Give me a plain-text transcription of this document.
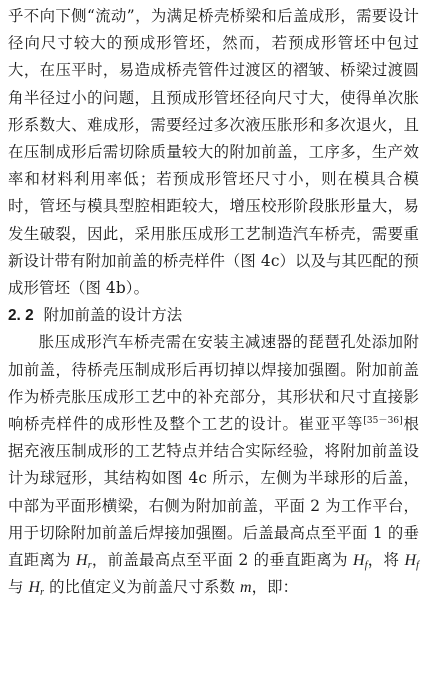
乎不向下侧“流动”，为满足桥壳桥梁和后盖成形，需要设计径向尺寸较大的预成形管坯，然而，若预成形管坯中包过大，在压平时，易造成桥壳管件过渡区的褶皱、桥梁过渡圆角半径过小的问题，且预成形管坯径向尺寸大，使得单次胀形系数大、难成形，需要经过多次液压胀形和多次退火，且在压制成形后需切除质量较大的附加前盖，工序多，生产效率和材料利用率低；若预成形管坯尺寸小，则在模具合模时，管坯与模具型腔相距较大，增压校形阶段胀形量大，易发生破裂，因此，采用胀压成形工艺制造汽车桥壳，需要重新设计带有附加前盖的桥壳样件（图 4c）以及与其匹配的预成形管坯（图 4b）。

2. 2 附加前盖的设计方法

胀压成形汽车桥壳需在安装主减速器的琵琶孔处添加附加前盖，待桥壳压制成形后再切掉以焊接加强圈。附加前盖作为桥壳胀压成形工艺中的补充部分，其形状和尺寸直接影响桥壳样件的成形性及整个工艺的设计。崔亚平等[35－36]根据充液压制成形的工艺特点并结合实际经验，将附加前盖设计为球冠形，其结构如图 4c 所示，左侧为半球形的后盖，中部为平面形横梁，右侧为附加前盖，平面 2 为工作平台，用于切除附加前盖后焊接加强圈。后盖最高点至平面 1 的垂直距离为 $H_r$，前盖最高点至平面 2 的垂直距离为 $H_f$，将 $H_f$ 与 $H_r$ 的比值定义为前盖尺寸系数 m，即：
